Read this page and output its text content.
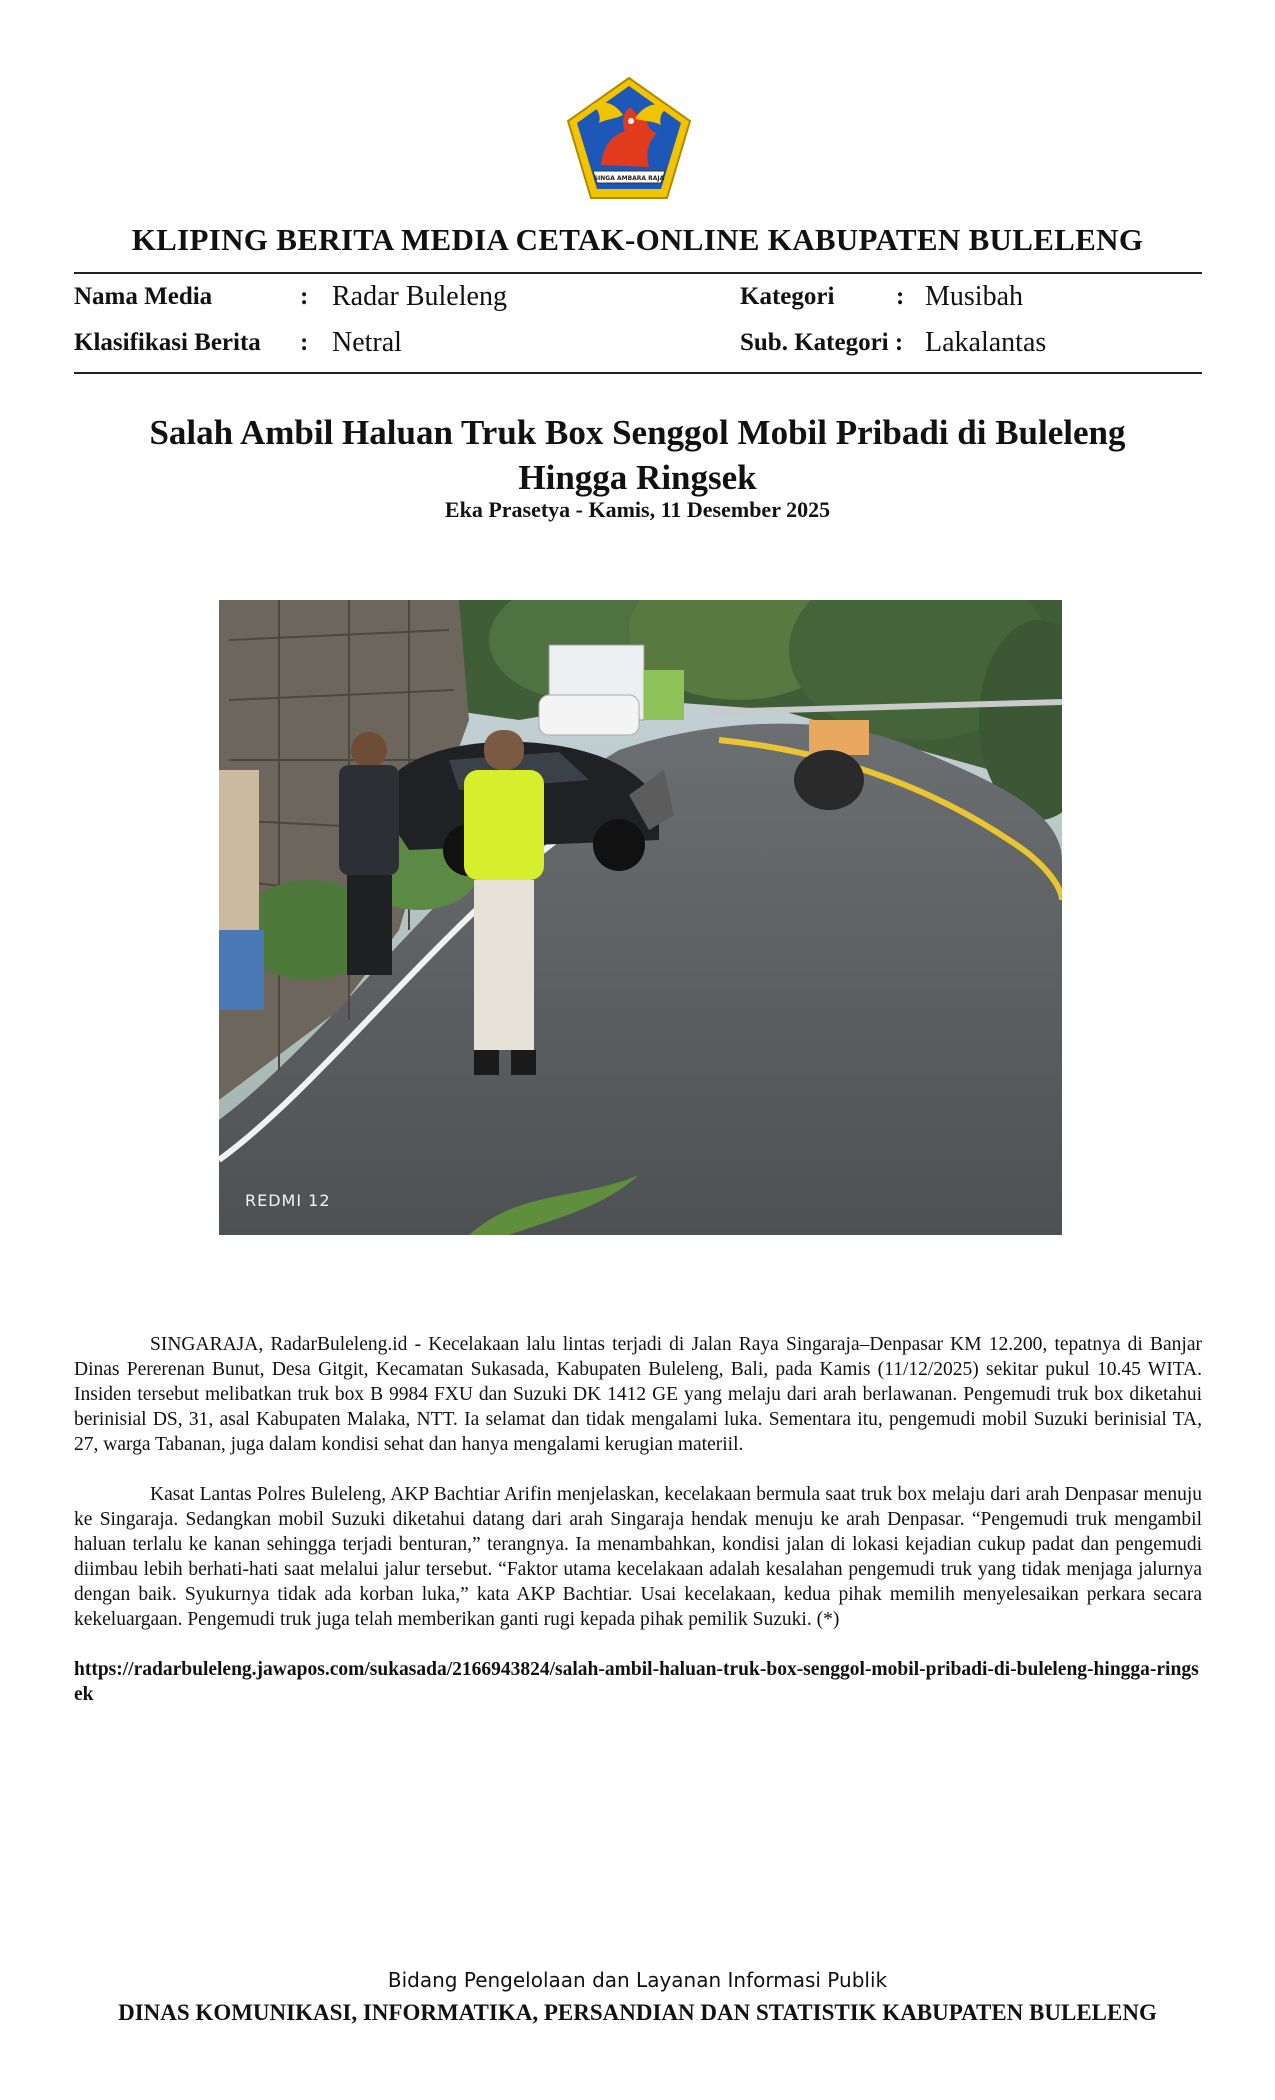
SINGA AMBARA RAJA
KLIPING BERITA MEDIA CETAK-ONLINE KABUPATEN BULELENG
Nama Media	: Radar Buleleng	Kategori : Musibah
Klasifikasi Berita : Netral	Sub. Kategori : Lakalantas
Salah Ambil Haluan Truk Box Senggol Mobil Pribadi di Buleleng Hingga Ringsek
Eka Prasetya - Kamis, 11 Desember 2025
REDMI 12

SINGARAJA, RadarBuleleng.id - Kecelakaan lalu lintas terjadi di Jalan Raya Singaraja–Denpasar KM 12.200, tepatnya di Banjar Dinas Pererenan Bunut, Desa Gitgit, Kecamatan Sukasada, Kabupaten Buleleng, Bali, pada Kamis (11/12/2025) sekitar pukul 10.45 WITA. Insiden tersebut melibatkan truk box B 9984 FXU dan Suzuki DK 1412 GE yang melaju dari arah berlawanan. Pengemudi truk box diketahui berinisial DS, 31, asal Kabupaten Malaka, NTT. Ia selamat dan tidak mengalami luka. Sementara itu, pengemudi mobil Suzuki berinisial TA, 27, warga Tabanan, juga dalam kondisi sehat dan hanya mengalami kerugian materiil.

Kasat Lantas Polres Buleleng, AKP Bachtiar Arifin menjelaskan, kecelakaan bermula saat truk box melaju dari arah Denpasar menuju ke Singaraja. Sedangkan mobil Suzuki diketahui datang dari arah Singaraja hendak menuju ke arah Denpasar. “Pengemudi truk mengambil haluan terlalu ke kanan sehingga terjadi benturan,” terangnya. Ia menambahkan, kondisi jalan di lokasi kejadian cukup padat dan pengemudi diimbau lebih berhati-hati saat melalui jalur tersebut. “Faktor utama kecelakaan adalah kesalahan pengemudi truk yang tidak menjaga jalurnya dengan baik. Syukurnya tidak ada korban luka,” kata AKP Bachtiar. Usai kecelakaan, kedua pihak memilih menyelesaikan perkara secara kekeluargaan. Pengemudi truk juga telah memberikan ganti rugi kepada pihak pemilik Suzuki. (*)

https://radarbuleleng.jawapos.com/sukasada/2166943824/salah-ambil-haluan-truk-box-senggol-mobil-pribadi-di-buleleng-hingga-ringsek
Bidang Pengelolaan dan Layanan Informasi Publik
DINAS KOMUNIKASI, INFORMATIKA, PERSANDIAN DAN STATISTIK KABUPATEN BULELENG
